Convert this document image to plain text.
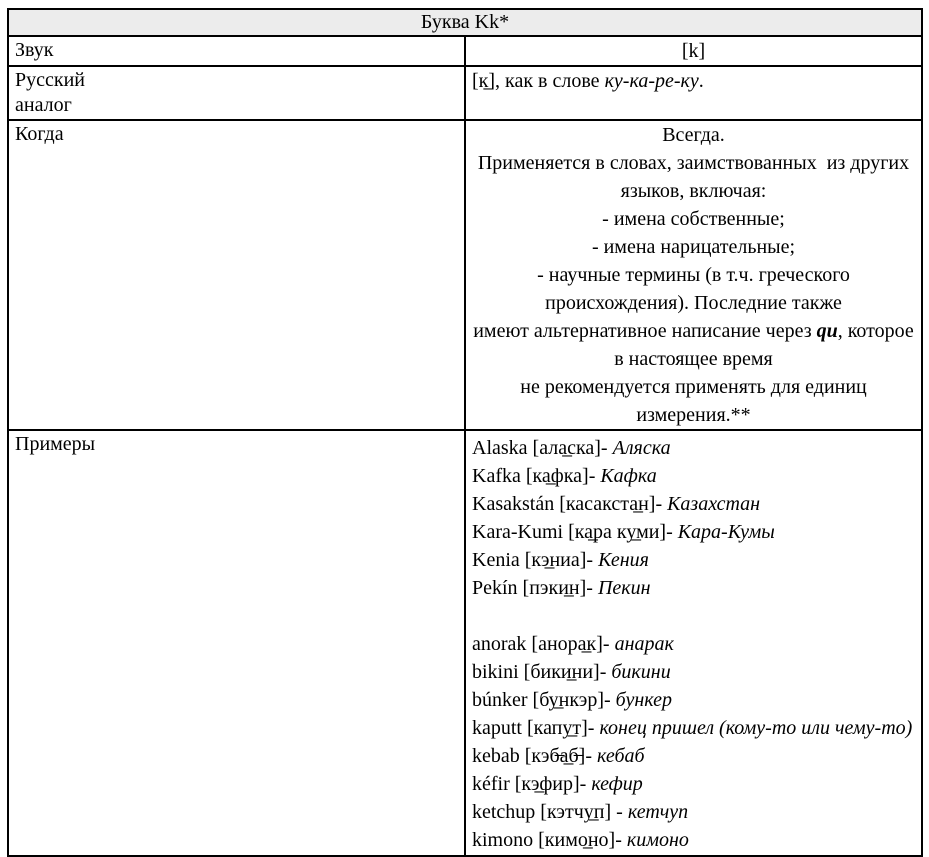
Буква Kk*	

Звук	[k]

Русский аналог	[к̲], как в слове ку-ка-ре-ку.

Когда	Всегда.
Применяется в словах, заимствованных  из других языков, включая:
- имена собственные;
- имена нарицательные;
- научные термины (в т.ч. греческого происхождения). Последние также
имеют альтернативное написание через qu, которое в настоящее время
не рекомендуется применять для единиц измерения.**

Примеры	Alaska [ала̲ска]- Аляска
Kafka [ка̲фка]- Кафка
Kasakstán [касакста̲н]- Казахстан
Kara-Kumi [ка̲ра ку̲ми]- Кара-Кумы
Kenia [кэ̲ниа]- Кения
Pekín [пэки̲н]- Пекин
anorak [анора̲к]- анарак
bikini [бики̲ни]- бикини
búnker [бу̲нкэр]- бункер
kaputt [капу̲т]- конец пришел (кому-то или чему-то)
kebab [кэб̶а̲б̶]- кебаб
kéfir [кэ̲фир]- кефир
ketchup [кэтчу̲п] - кетчуп
kimono [кимо̲но]- кимоно
